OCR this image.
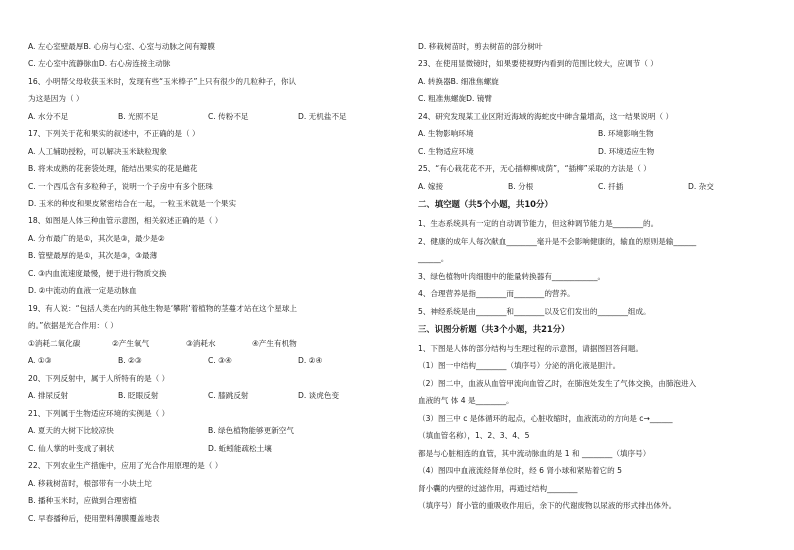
A. 左心室壁最厚B. 心房与心室、心室与动脉之间有瓣膜
C. 左心室中流静脉血D. 右心房连接主动脉
16、小明帮父母收获玉米时，发现有些“玉米棒子”上只有很少的几粒种子，你认
为这是因为（ ）
A. 水分不足	B. 光照不足	C. 传粉不足	D. 无机盐不足
17、下列关于花和果实的叙述中，不正确的是（ ）
A. 人工辅助授粉，可以解决玉米缺粒现象
B. 将未成熟的花套袋处理，能结出果实的花是雌花
C. 一个西瓜含有多粒种子，说明一个子房中有多个胚珠
D. 玉米的种皮和果皮紧密结合在一起，一粒玉米就是一个果实
18、如图是人体三种血管示意图，相关叙述正确的是（ ）
A. 分布最广的是①，其次是③，最少是②
B. 管壁最厚的是①，其次是③，③最薄
C. ③内血流速度最慢，便于进行物质交换
D. ②中流动的血液一定是动脉血
19、有人说：“包括人类在内的其他生物是‘攀附’着植物的茎蔓才站在这个星球上
的。”依据是光合作用：（ ）
①消耗二氧化碳	②产生氧气	③消耗水	④产生有机物
A. ①③	B. ②③	C. ③④	D. ②④
20、下列反射中，属于人所特有的是（ ）
A. 排尿反射	B. 眨眼反射	C. 膝跳反射	D. 谈虎色变
21、下列属于生物适应环境的实例是（ ）
A. 夏天的大树下比较凉快	B. 绿色植物能够更新空气
C. 仙人掌的叶变成了刺状	D. 蚯蚓能疏松土壤
22、下列农业生产措施中，应用了光合作用原理的是（ ）
A. 移栽树苗时，根部带有一小块土坨
B. 播种玉米时，应做到合理密植
C. 早春播种后，使用塑料薄膜覆盖地表
D. 移栽树苗时，剪去树苗的部分树叶
23、在使用显微镜时，如果要使视野内看到的范围比较大，应调节（ ）
A. 转换器B. 细准焦螺旋
C. 粗准焦螺旋D. 镜臂
24、研究发现某工业区附近海域的海蛇皮中砷含量增高，这一结果说明（ ）
A. 生物影响环境	B. 环境影响生物
C. 生物适应环境	D. 环境适应生物
25、“有心栽花花不开，无心插柳柳成荫”，“插柳”采取的方法是（ ）
A. 嫁接	B. 分根	C. 扦插	D. 杂交
二、填空题（共5个小题，共10分）
1、生态系统具有一定的自动调节能力，但这种调节能力是________的。
2、健康的成年人每次献血________毫升是不会影响健康的，输血的原则是输______
______。
3、绿色植物叶肉细胞中的能量转换器有____________。
4、合理营养是指________而________的营养。
5、神经系统是由________和________以及它们发出的________组成。
三、识图分析题（共3个小题，共21分）
1、下图是人体的部分结构与生理过程的示意图，请据图回答问题。
（1）图一中结构________（填序号）分泌的消化液是胆汁。
（2）图二中，血液从血管甲流向血管乙时，在肺泡处发生了气体交换，由肺泡进入
血液的气 体 4 是________。
（3）图三中 c 是体循环的起点，心脏收缩时，血液流动的方向是 c→______
（填血管名称），1、2、3、4、5
都是与心脏相连的血管，其中流动脉血的是 1 和 ________（填序号）
（4）图四中血液流经肾单位时，经 6 肾小球和紧贴着它的 5
肾小囊的内壁的过滤作用，再通过结构________
（填序号）肾小管的重吸收作用后，余下的代谢废物以尿液的形式排出体外。
